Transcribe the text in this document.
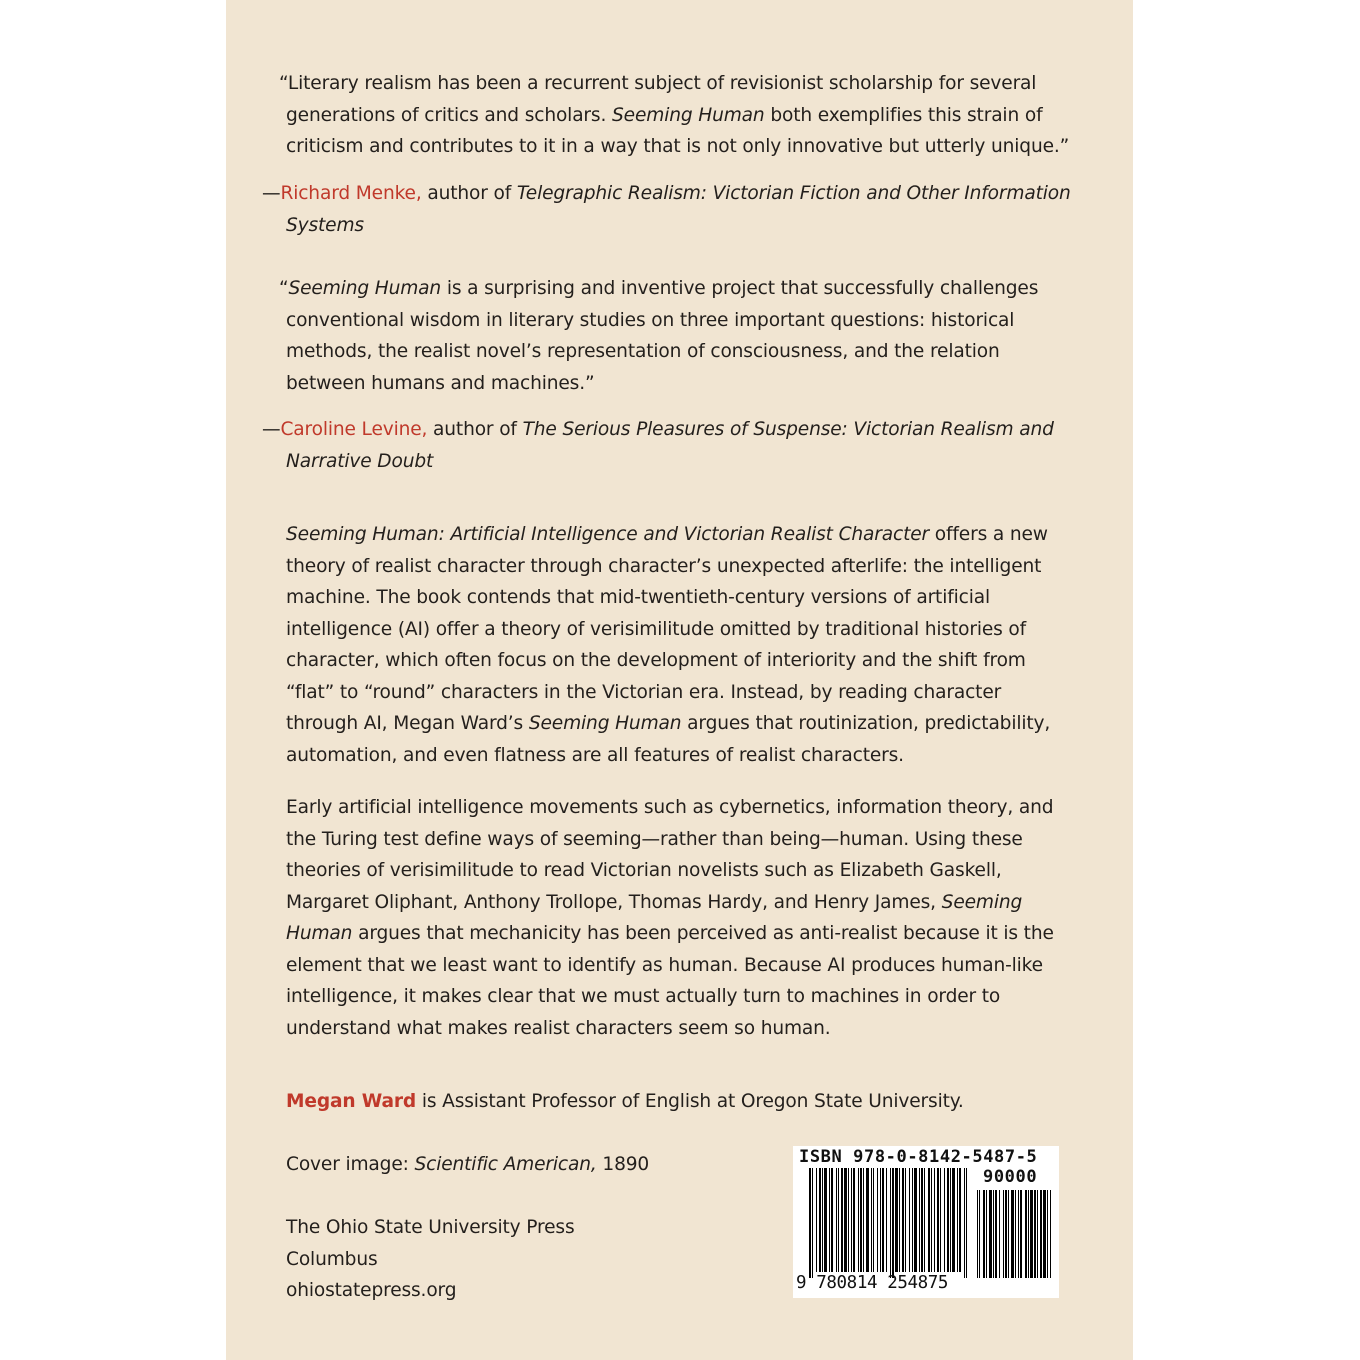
“Literary realism has been a recurrent subject of revisionist scholarship for several generations of critics and scholars. Seeming Human both exemplifies this strain of criticism and contributes to it in a way that is not only innovative but utterly unique.”

—Richard Menke, author of Telegraphic Realism: Victorian Fiction and Other Information Systems

“Seeming Human is a surprising and inventive project that successfully challenges conventional wisdom in literary studies on three important questions: historical methods, the realist novel’s representation of consciousness, and the relation between humans and machines.”

—Caroline Levine, author of The Serious Pleasures of Suspense: Victorian Realism and Narrative Doubt

Seeming Human: Artificial Intelligence and Victorian Realist Character offers a new theory of realist character through character’s unexpected afterlife: the intelligent machine. The book contends that mid-twentieth-century versions of artificial intelligence (AI) offer a theory of verisimilitude omitted by traditional histories of character, which often focus on the development of interiority and the shift from “flat” to “round” characters in the Victorian era. Instead, by reading character through AI, Megan Ward’s Seeming Human argues that routinization, predictability, automation, and even flatness are all features of realist characters.

Early artificial intelligence movements such as cybernetics, information theory, and the Turing test define ways of seeming—rather than being—human. Using these theories of verisimilitude to read Victorian novelists such as Elizabeth Gaskell, Margaret Oliphant, Anthony Trollope, Thomas Hardy, and Henry James, Seeming Human argues that mechanicity has been perceived as anti-realist because it is the element that we least want to identify as human. Because AI produces human-like intelligence, it makes clear that we must actually turn to machines in order to understand what makes realist characters seem so human.

Megan Ward is Assistant Professor of English at Oregon State University.

Cover image: Scientific American, 1890

The Ohio State University Press
Columbus
ohiostatepress.org
ISBN 978-0-8142-5487-5
90000
9 780814 254875
